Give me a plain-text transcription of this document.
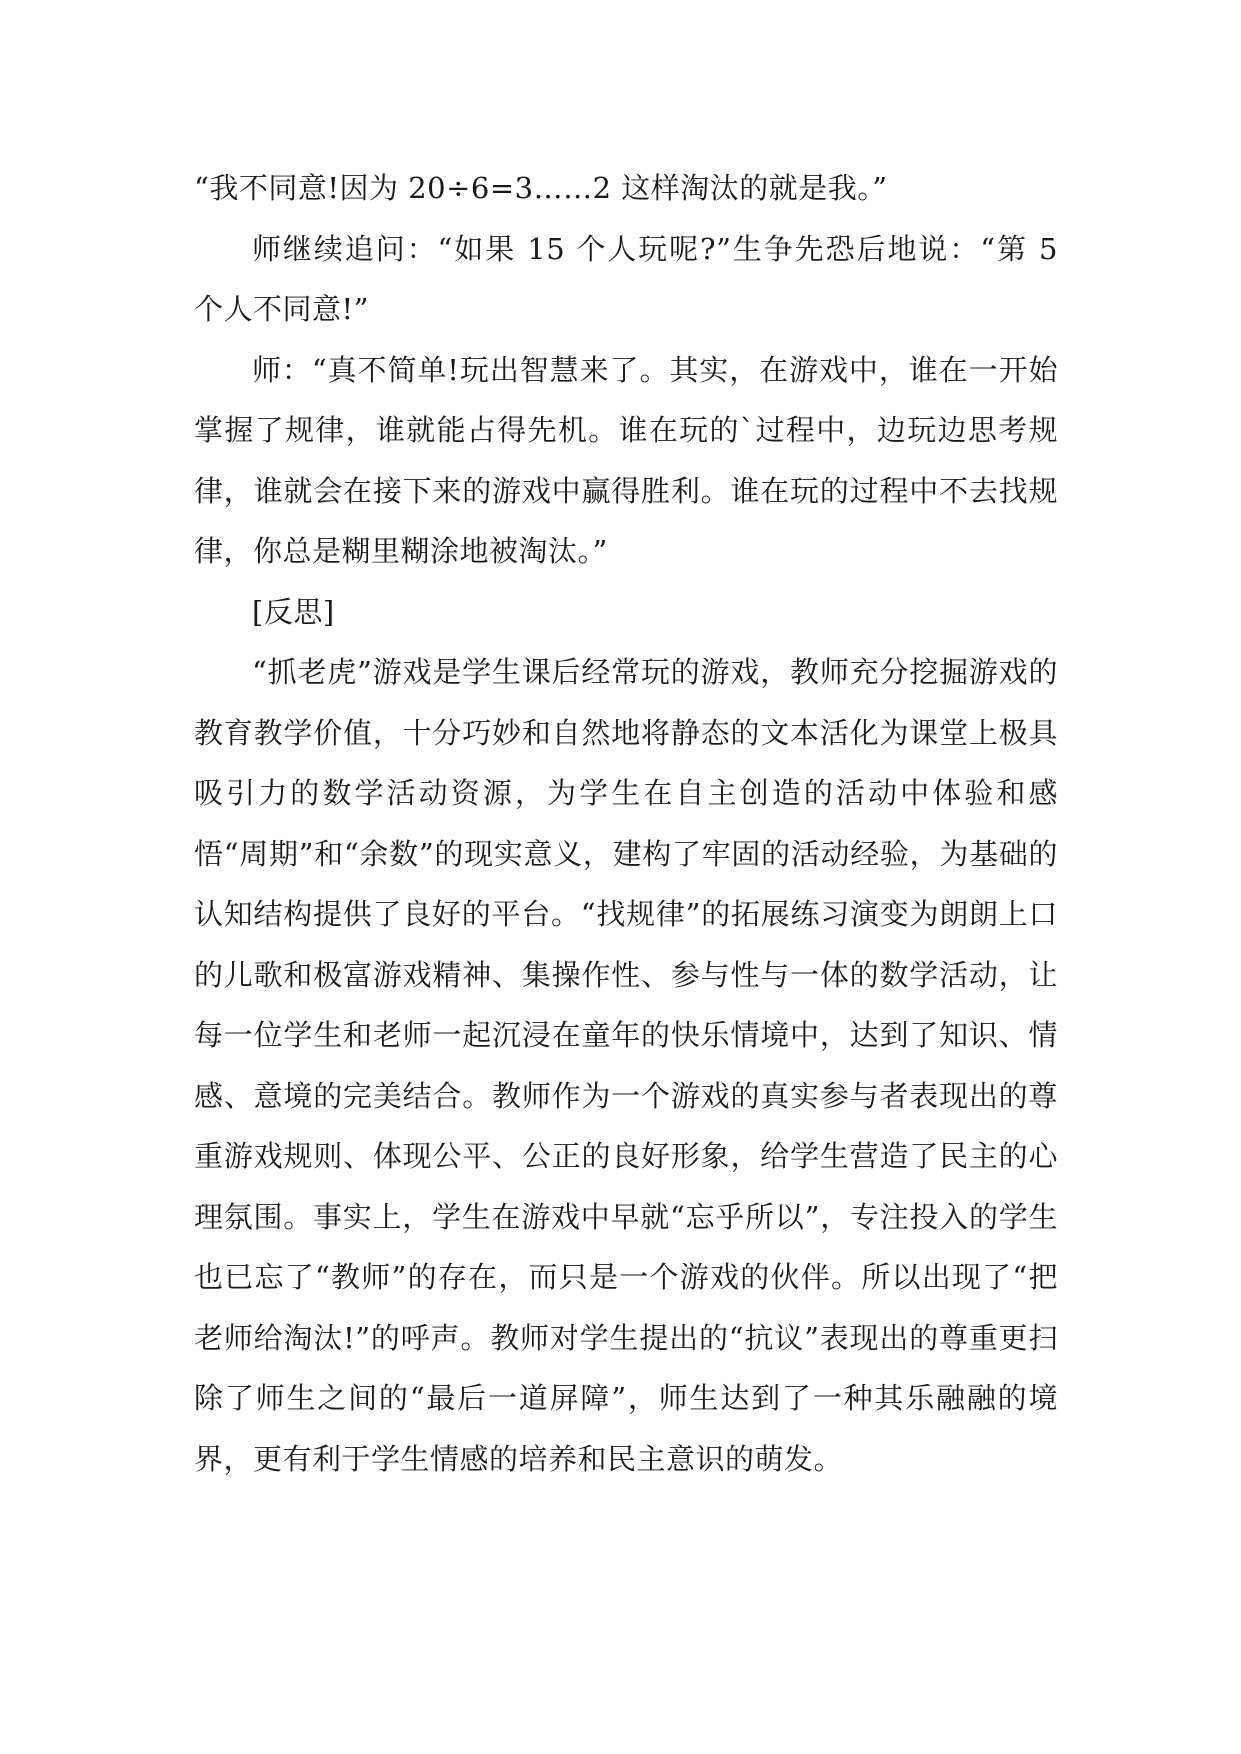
“我不同意!因为 20÷6=3……2 这样淘汰的就是我。”

师继续追问：“如果 15 个人玩呢?”生争先恐后地说：“第 5 个人不同意!”

师：“真不简单!玩出智慧来了。其实，在游戏中，谁在一开始掌握了规律，谁就能占得先机。谁在玩的`过程中，边玩边思考规律，谁就会在接下来的游戏中赢得胜利。谁在玩的过程中不去找规律，你总是糊里糊涂地被淘汰。”

[反思]

“抓老虎”游戏是学生课后经常玩的游戏，教师充分挖掘游戏的教育教学价值，十分巧妙和自然地将静态的文本活化为课堂上极具吸引力的数学活动资源，为学生在自主创造的活动中体验和感悟“周期”和“余数”的现实意义，建构了牢固的活动经验，为基础的认知结构提供了良好的平台。“找规律”的拓展练习演变为朗朗上口的儿歌和极富游戏精神、集操作性、参与性与一体的数学活动，让每一位学生和老师一起沉浸在童年的快乐情境中，达到了知识、情感、意境的完美结合。教师作为一个游戏的真实参与者表现出的尊重游戏规则、体现公平、公正的良好形象，给学生营造了民主的心理氛围。事实上，学生在游戏中早就“忘乎所以”，专注投入的学生也已忘了“教师”的存在，而只是一个游戏的伙伴。所以出现了“把老师给淘汰!”的呼声。教师对学生提出的“抗议”表现出的尊重更扫除了师生之间的“最后一道屏障”，师生达到了一种其乐融融的境界，更有利于学生情感的培养和民主意识的萌发。
